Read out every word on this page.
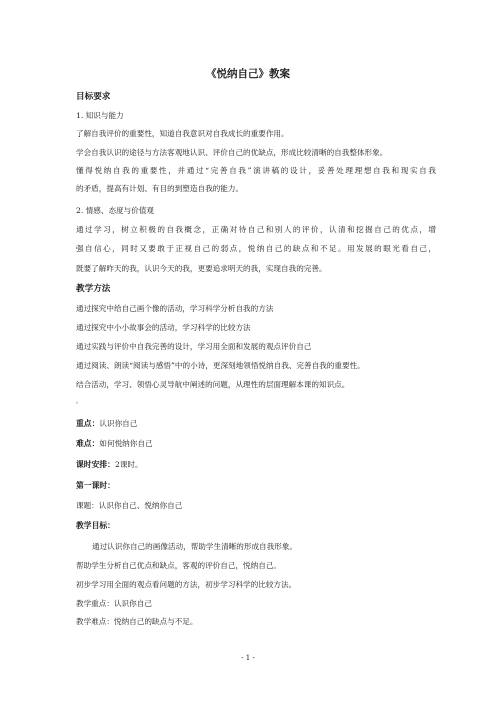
《悦纳自己》教案
目标要求
1. 知识与能力
了解自我评价的重要性，知道自我意识对自我成长的重要作用。
学会自我认识的途径与方法客观地认识、评价自己的优缺点，形成比较清晰的自我整体形象。
懂得悦纳自我的重要性，并通过“完善自我”演讲稿的设计，妥善处理理想自我和现实自我
的矛盾，提高有计划、有目的到塑造自我的能力。
2. 情感、态度与价值观
通过学习，树立积极的自我概念，正确对待自己和别人的评价，认清和挖掘自己的优点，增
强自信心，同时又要敢于正视自己的弱点，悦纳自己的缺点和不足。用发展的眼光看自己，
既要了解昨天的我，认识今天的我，更要追求明天的我，实现自我的完善。
教学方法
通过探究中给自己画个像的活动，学习科学分析自我的方法
通过探究中小小故事会的活动，学习科学的比较方法
通过实践与评价中自我完善的设计，学习用全面和发展的观点评价自己
通过阅读、朗读“阅读与感悟”中的小诗，更深刻地领悟悦纳自我、完善自我的重要性。
结合活动，学习、领悟心灵导航中阐述的问题，从理性的层面理解本课的知识点。
。
重点：认识你自己
难点：如何悦纳你自己
课时安排：2课时。
第一课时：
课题：认识你自己、悦纳你自己
教学目标：
通过认识你自己的画像活动，帮助学生清晰的形成自我形象。
帮助学生分析自己优点和缺点，客观的评价自己，悦纳自己。
初步学习用全面的观点看问题的方法，初步学习科学的比较方法。
教学重点：认识你自己
教学难点：悦纳自己的缺点与不足。
- 1 -
